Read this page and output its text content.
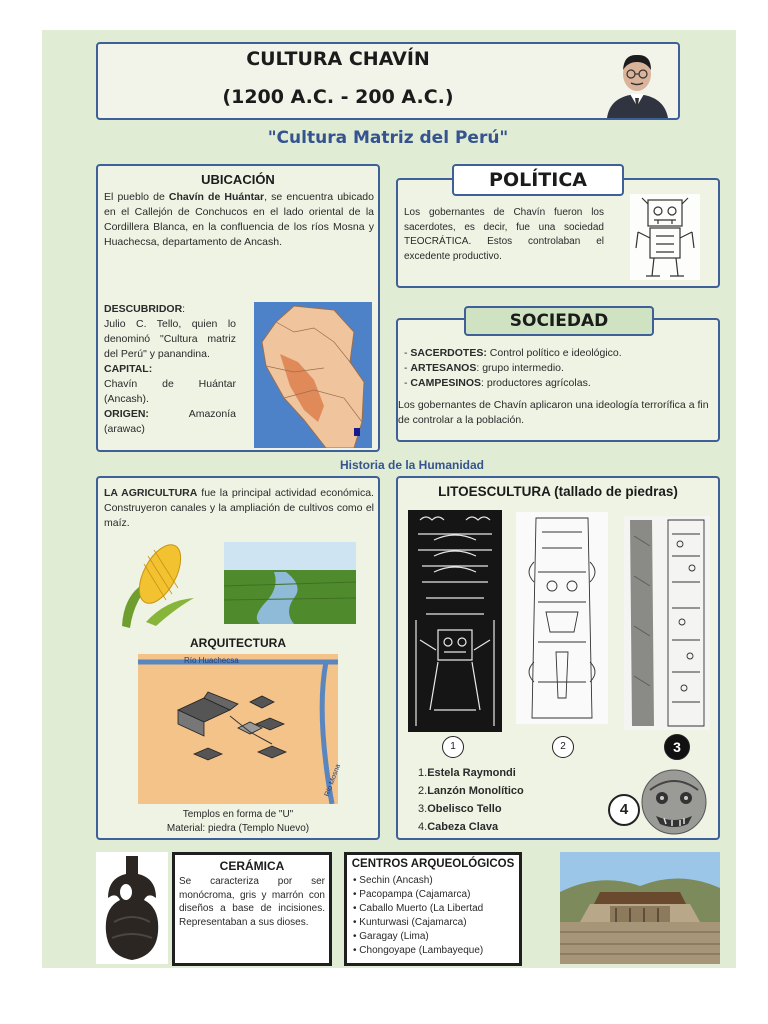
CULTURA CHAVÍN
(1200 A.C. - 200 A.C.)
"Cultura Matriz del Perú"
UBICACIÓN
El pueblo de Chavín de Huántar, se encuentra ubicado en el Callejón de Conchucos en el lado oriental de la Cordillera Blanca, en la confluencia de los ríos Mosna y Huachecsa, departamento de Ancash.
DESCUBRIDOR:
Julio C. Tello, quien lo denominó "Cultura matriz del Perú" y panandina.
CAPITAL:
Chavín de Huántar (Ancash).
ORIGEN:	Amazonía (arawac)
Los gobernantes de Chavín fueron los sacerdotes, es decir, fue una sociedad TEOCRÁTICA. Estos controlaban el excedente productivo.
POLÍTICA
- SACERDOTES: Control político e ideológico.
- ARTESANOS: grupo intermedio.
- CAMPESINOS: productores agrícolas.
Los gobernantes de Chavín aplicaron una ideología terrorífica a fin de controlar a la población.
SOCIEDAD
Historia de la Humanidad
LA AGRICULTURA fue la principal actividad económica. Construyeron canales y la ampliación de cultivos como el maíz.
ARQUITECTURA
Río Huachecsa
Río Mosna
Templos en forma de "U"
Material: piedra (Templo Nuevo)
LITOESCULTURA (tallado de piedras)
1	2	3
1.Estela Raymondi
2.Lanzón Monolítico
3.Obelisco Tello
4.Cabeza Clava
4
CERÁMICA
Se caracteriza por ser monócroma, gris y marrón con diseños a base de incisiones. Representaban a sus dioses.
CENTROS ARQUEOLÓGICOS
• Sechin (Ancash)
• Pacopampa (Cajamarca)
• Caballo Muerto (La Libertad
• Kunturwasi (Cajamarca)
• Garagay (Lima)
• Chongoyape (Lambayeque)
